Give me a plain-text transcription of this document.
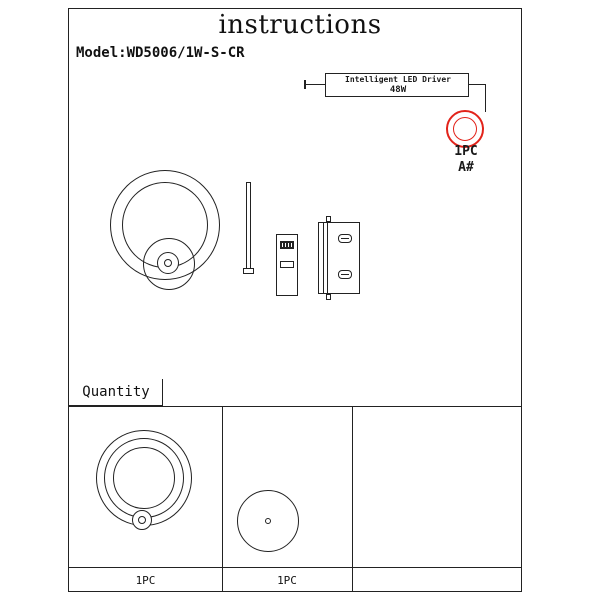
instructions
Model:WD5006/1W-S-CR
Intelligent LED Driver
48W
1PC
A#
Quantity
1PC	1PC
